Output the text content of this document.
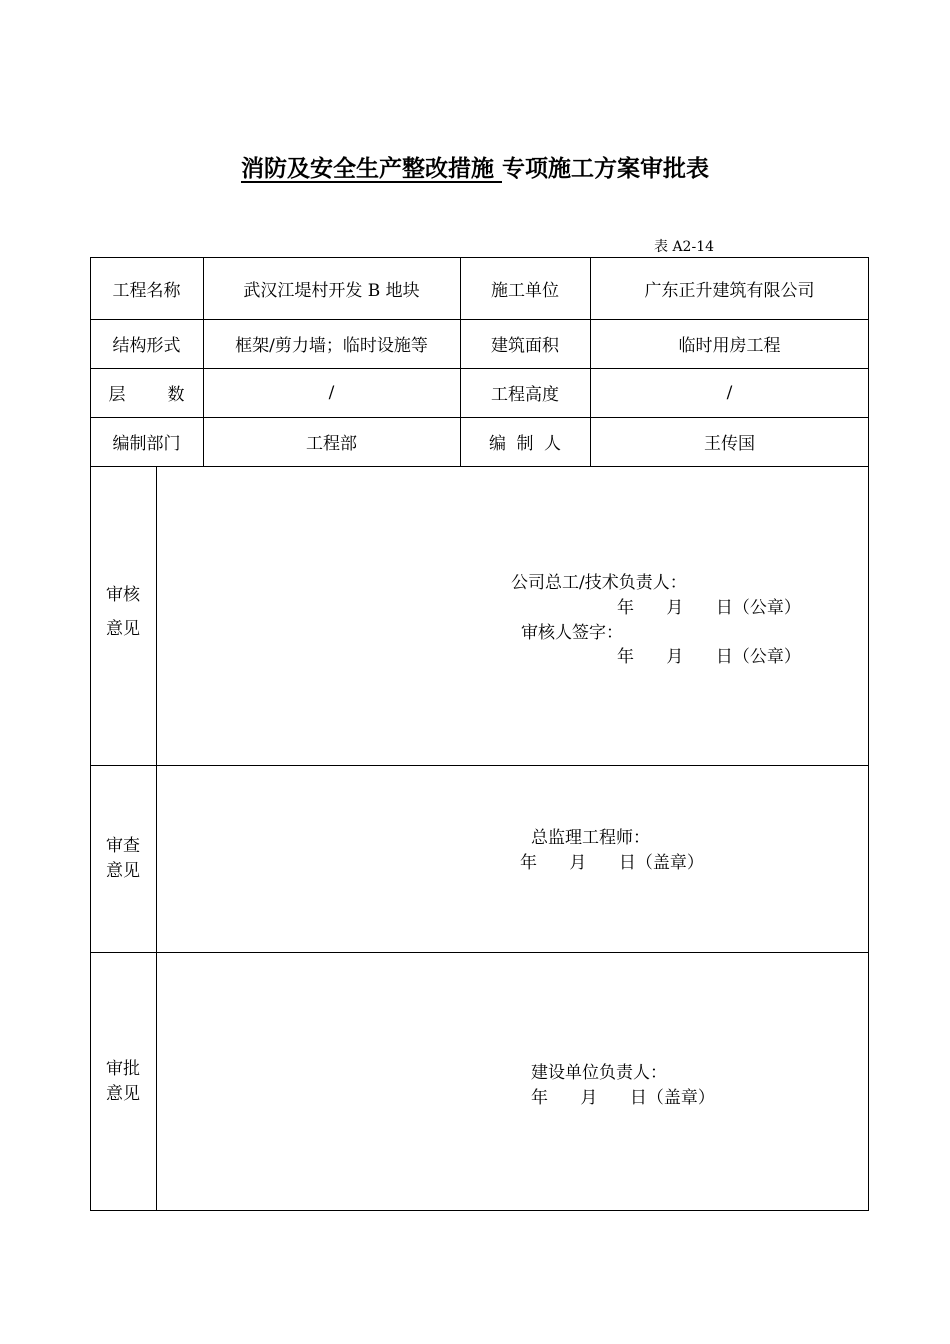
消防及安全生产整改措施 专项施工方案审批表
表 A2-14
工程名称	武汉江堤村开发 B 地块	施工单位	广东正升建筑有限公司
结构形式	框架/剪力墙；临时设施等	建筑面积	临时用房工程
层 数	/	工程高度	/
编制部门	工程部	编 制 人	王传国
审核
意见
公司总工/技术负责人：
年      月      日（公章）
审核人签字：
年      月      日（公章）
审查
意见
总监理工程师：
年      月      日（盖章）
审批
意见
建设单位负责人：
年      月      日（盖章）
